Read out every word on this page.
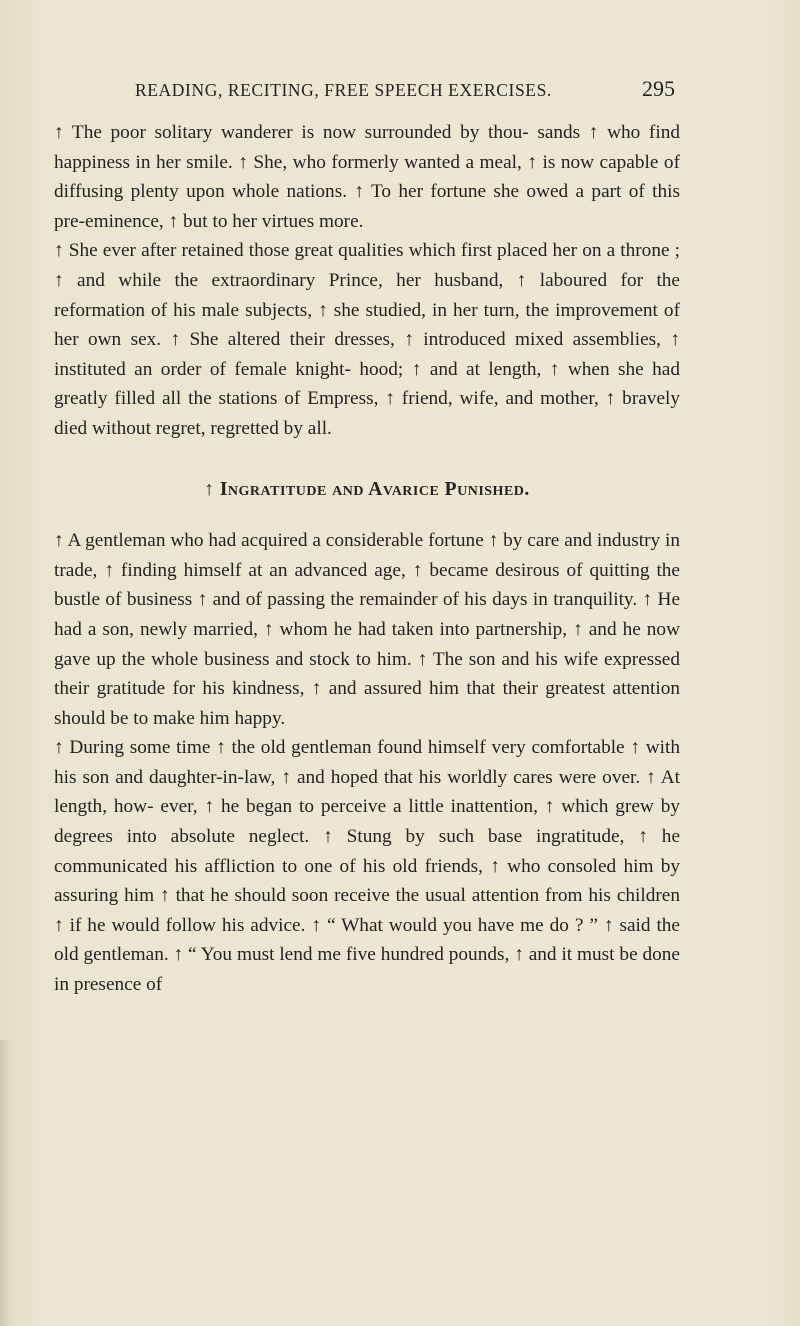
READING, RECITING, FREE SPEECH EXERCISES.	295

↑ The poor solitary wanderer is now surrounded by thou- sands ↑ who find happiness in her smile. ↑ She, who formerly wanted a meal, ↑ is now capable of diffusing plenty upon whole nations. ↑ To her fortune she owed a part of this pre-eminence, ↑ but to her virtues more.

↑ She ever after retained those great qualities which first placed her on a throne ; ↑ and while the extraordinary Prince, her husband, ↑ laboured for the reformation of his male subjects, ↑ she studied, in her turn, the improvement of her own sex. ↑ She altered their dresses, ↑ introduced mixed assemblies, ↑ instituted an order of female knight- hood; ↑ and at length, ↑ when she had greatly filled all the stations of Empress, ↑ friend, wife, and mother, ↑ bravely died without regret, regretted by all.

↑ Ingratitude and Avarice Punished.

↑ A gentleman who had acquired a considerable fortune ↑ by care and industry in trade, ↑ finding himself at an advanced age, ↑ became desirous of quitting the bustle of business ↑ and of passing the remainder of his days in tranquility. ↑ He had a son, newly married, ↑ whom he had taken into partnership, ↑ and he now gave up the whole business and stock to him. ↑ The son and his wife expressed their gratitude for his kindness, ↑ and assured him that their greatest attention should be to make him happy.

↑ During some time ↑ the old gentleman found himself very comfortable ↑ with his son and daughter-in-law, ↑ and hoped that his worldly cares were over. ↑ At length, how- ever, ↑ he began to perceive a little inattention, ↑ which grew by degrees into absolute neglect. ↑ Stung by such base ingratitude, ↑ he communicated his affliction to one of his old friends, ↑ who consoled him by assuring him ↑ that he should soon receive the usual attention from his children ↑ if he would follow his advice. ↑ “ What would you have me do ? ” ↑ said the old gentleman. ↑ “ You must lend me five hundred pounds, ↑ and it must be done in presence of
